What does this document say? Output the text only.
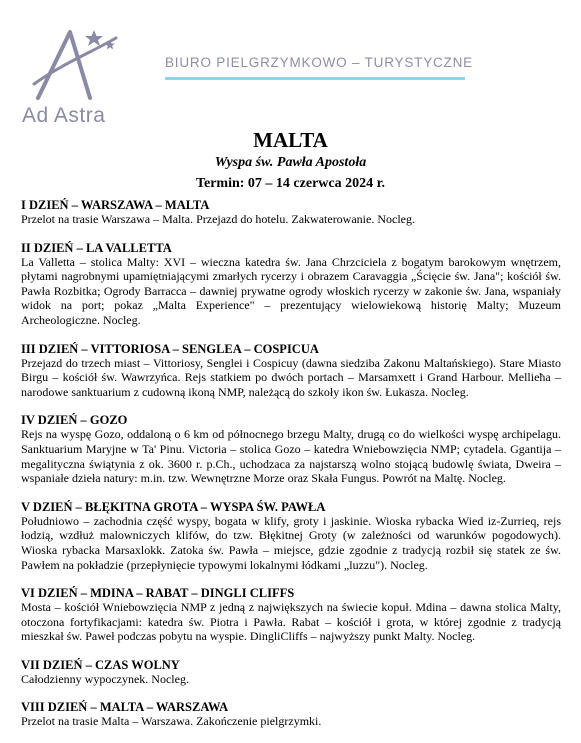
Ad Astra
BIURO PIELGRZYMKOWO – TURYSTYCZNE
MALTA
Wyspa św. Pawła Apostoła
Termin: 07 – 14 czerwca 2024 r.
I DZIEŃ – WARSZAWA – MALTA
Przelot na trasie Warszawa – Malta. Przejazd do hotelu. Zakwaterowanie. Nocleg.
II DZIEŃ – LA VALLETTA
La Valletta – stolica Malty: XVI – wieczna katedra św. Jana Chrzciciela z bogatym barokowym wnętrzem, płytami nagrobnymi upamiętniającymi zmarłych rycerzy i obrazem Caravaggia „Ścięcie św. Jana"; kościół św. Pawła Rozbitka; Ogrody Barracca – dawniej prywatne ogrody włoskich rycerzy w zakonie św. Jana, wspaniały widok na port; pokaz „Malta Experience" – prezentujący wielowiekową historię Malty; Muzeum Archeologiczne. Nocleg.
III DZIEŃ – VITTORIOSA – SENGLEA – COSPICUA
Przejazd do trzech miast – Vittoriosy, Senglei i Cospicuy (dawna siedziba Zakonu Maltańskiego). Stare Miasto Birgu – kościół św. Wawrzyńca. Rejs statkiem po dwóch portach – Marsamxett i Grand Harbour. Mellieħa – narodowe sanktuarium z cudowną ikoną NMP, należącą do szkoły ikon św. Łukasza. Nocleg.
IV DZIEŃ – GOZO
Rejs na wyspę Gozo, oddaloną o 6 km od północnego brzegu Malty, drugą co do wielkości wyspę archipelagu. Sanktuarium Maryjne w Ta' Pinu. Victoria – stolica Gozo – katedra Wniebowzięcia NMP; cytadela. Ggantija – megalityczna świątynia z ok. 3600 r. p.Ch., uchodzaca za najstarszą wolno stojącą budowlę świata, Dweira – wspaniałe dzieła natury: m.in. tzw. Wewnętrzne Morze oraz Skała Fungus. Powrót na Maltę. Nocleg.
V DZIEŃ – BŁĘKITNA GROTA – WYSPA ŚW. PAWŁA
Południowo – zachodnia część wyspy, bogata w klify, groty i jaskinie. Wioska rybacka Wied iz-Zurrieq, rejs łodzią, wzdłuż malowniczych klifów, do tzw. Błękitnej Groty (w zależności od warunków pogodowych). Wioska rybacka Marsaxlokk. Zatoka św. Pawła – miejsce, gdzie zgodnie z tradycją rozbił się statek ze św. Pawłem na pokładzie (przepłynięcie typowymi lokalnymi łódkami „luzzu"). Nocleg.
VI DZIEŃ – MDINA – RABAT – DINGLI CLIFFS
Mosta – kościół Wniebowzięcia NMP z jedną z największych na świecie kopuł. Mdina – dawna stolica Malty, otoczona fortyfikacjami: katedra św. Piotra i Pawła. Rabat – kościół i grota, w której zgodnie z tradycją mieszkał św. Paweł podczas pobytu na wyspie. DingliCliffs – najwyższy punkt Malty. Nocleg.
VII DZIEŃ – CZAS WOLNY
Całodzienny wypoczynek. Nocleg.
VIII DZIEŃ – MALTA – WARSZAWA
Przelot na trasie Malta – Warszawa. Zakończenie pielgrzymki.
